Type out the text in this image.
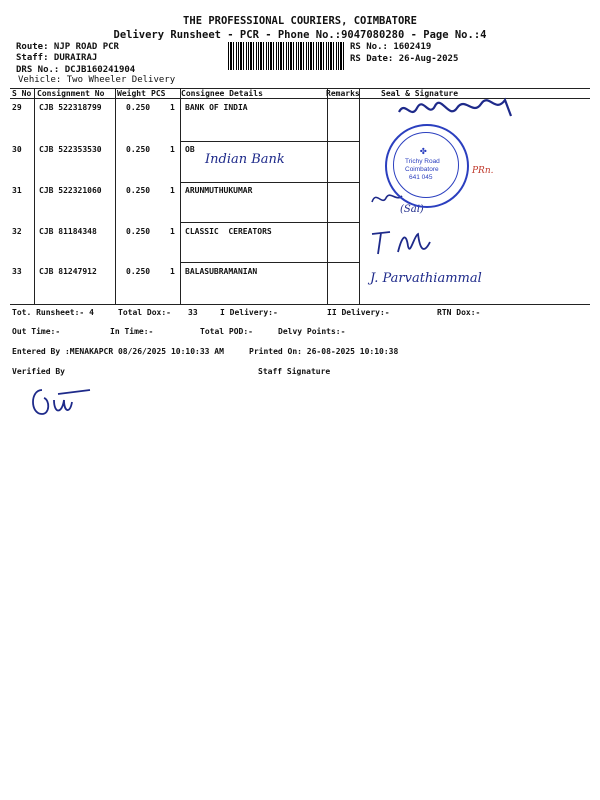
THE PROFESSIONAL COURIERS, COIMBATORE
Delivery Runsheet - PCR - Phone No.:9047080280 - Page No.:4
Route: NJP ROAD PCR
Staff: DURAIRAJ
DRS No.: DCJB160241904
Vehicle: Two Wheeler Delivery
RS No.: 1602419
RS Date: 26-Aug-2025
S No Consignment No Weight PCS Consignee Details	Remarks	Seal & Signature
29 CJB 522318799	0.250 1 BANK OF INDIA
30 CJB 522353530	0.250 1 OB
31 CJB 522321060	0.250 1 ARUNMUTHUKUMAR
32 CJB 81184348	0.250 1 CLASSIC  CEREATORS
33 CJB 81247912	0.250 1 BALASUBRAMANIAN
Indian Bank
PRn.
(Sai)
J. Parvathiammal
✤
Trichy Road
Coimbatore
641 045
Tot. Runsheet:- 4	Total Dox:- 33	I Delivery:-	II Delivery:-	RTN Dox:-
Out Time:-	In Time:-	Total POD:-	Delvy Points:-
Entered By :MENAKAPCR 08/26/2025 10:10:33 AM	Printed On: 26-08-2025 10:10:38
Verified By	Staff Signature
